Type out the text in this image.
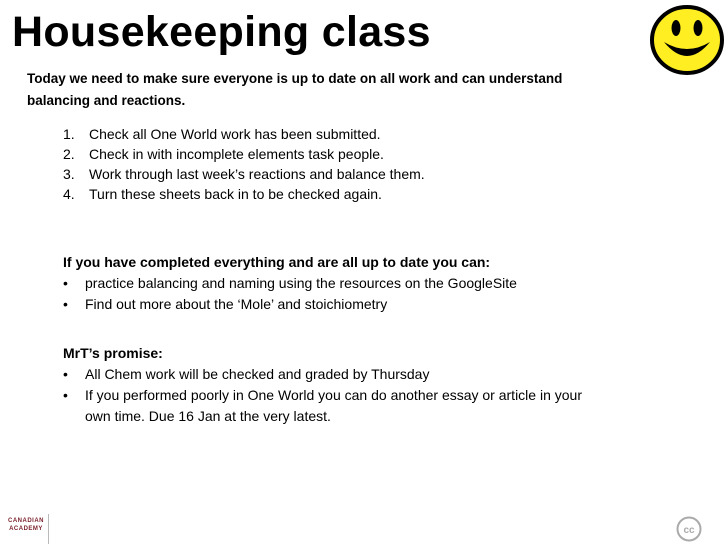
Housekeeping class
Today we need to make sure everyone is up to date on all work and can understand balancing and reactions.
1.	Check all One World work has been submitted.
2.	Check in with incomplete elements task people.
3.	Work through last week’s reactions and balance them.
4.	Turn these sheets back in to be checked again.
If you have completed everything and are all up to date you can:
•	practice balancing and naming using the resources on the GoogleSite
•	Find out more about the ‘Mole’ and stoichiometry
MrT’s promise:
•	All Chem work will be checked and graded by Thursday
•	If you performed poorly in One World you can do another essay or article in your own time. Due 16 Jan at the very latest.
CANADIAN
ACADEMY	cc
